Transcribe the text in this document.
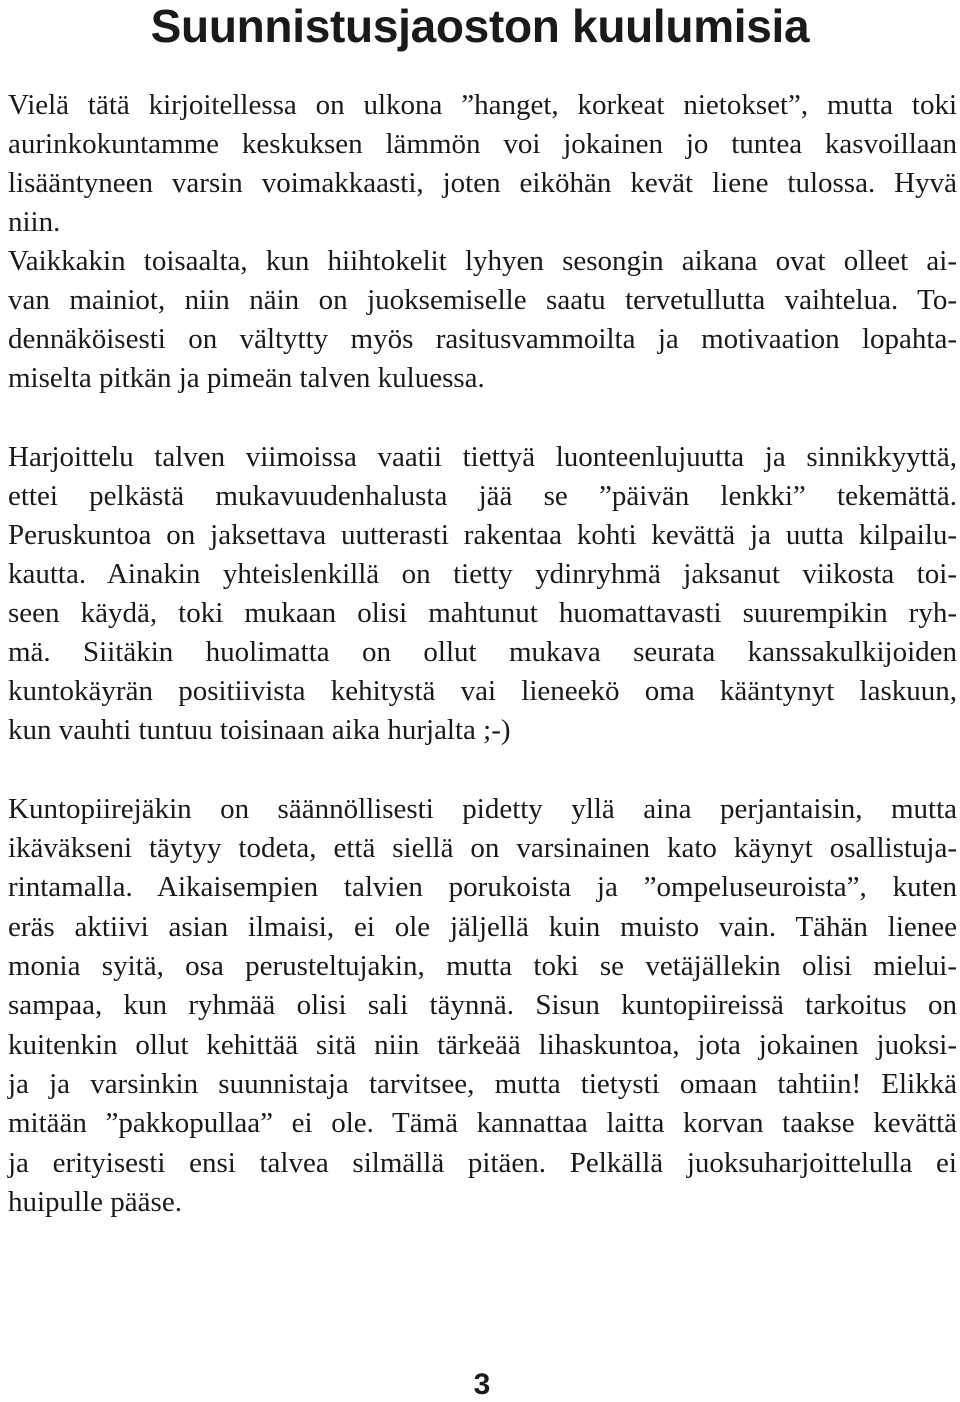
Suunnistusjaoston kuulumisia
Vielä tätä kirjoitellessa on ulkona ”hanget, korkeat nietokset”, mutta toki
aurinkokuntamme keskuksen lämmön voi jokainen jo tuntea kasvoillaan
lisääntyneen varsin voimakkaasti, joten eiköhän kevät liene tulossa. Hyvä
niin.
Vaikkakin toisaalta, kun hiihtokelit lyhyen sesongin aikana ovat olleet ai-
van mainiot, niin näin on juoksemiselle saatu tervetullutta vaihtelua. To-
dennäköisesti on vältytty myös rasitusvammoilta ja motivaation lopahta-
miselta pitkän ja pimeän talven kuluessa.
Harjoittelu talven viimoissa vaatii tiettyä luonteenlujuutta ja sinnikkyyttä,
ettei pelkästä mukavuudenhalusta jää se ”päivän lenkki” tekemättä.
Peruskuntoa on jaksettava uutterasti rakentaa kohti kevättä ja uutta kilpailu-
kautta. Ainakin yhteislenkillä on tietty ydinryhmä jaksanut viikosta toi-
seen käydä, toki mukaan olisi mahtunut huomattavasti suurempikin ryh-
mä. Siitäkin huolimatta on ollut mukava seurata kanssakulkijoiden
kuntokäyrän positiivista kehitystä vai lieneekö oma kääntynyt laskuun,
kun vauhti tuntuu toisinaan aika hurjalta ;-)
Kuntopiirejäkin on säännöllisesti pidetty yllä aina perjantaisin, mutta
ikäväkseni täytyy todeta, että siellä on varsinainen kato käynyt osallistuja-
rintamalla. Aikaisempien talvien porukoista ja ”ompeluseuroista”, kuten
eräs aktiivi asian ilmaisi, ei ole jäljellä kuin muisto vain. Tähän lienee
monia syitä, osa perusteltujakin, mutta toki se vetäjällekin olisi mielui-
sampaa, kun ryhmää olisi sali täynnä. Sisun kuntopiireissä tarkoitus on
kuitenkin ollut kehittää sitä niin tärkeää lihaskuntoa, jota jokainen juoksi-
ja ja varsinkin suunnistaja tarvitsee, mutta tietysti omaan tahtiin! Elikkä
mitään ”pakkopullaa” ei ole. Tämä kannattaa laitta korvan taakse kevättä
ja erityisesti ensi talvea silmällä pitäen. Pelkällä juoksuharjoittelulla ei
huipulle pääse.
3
